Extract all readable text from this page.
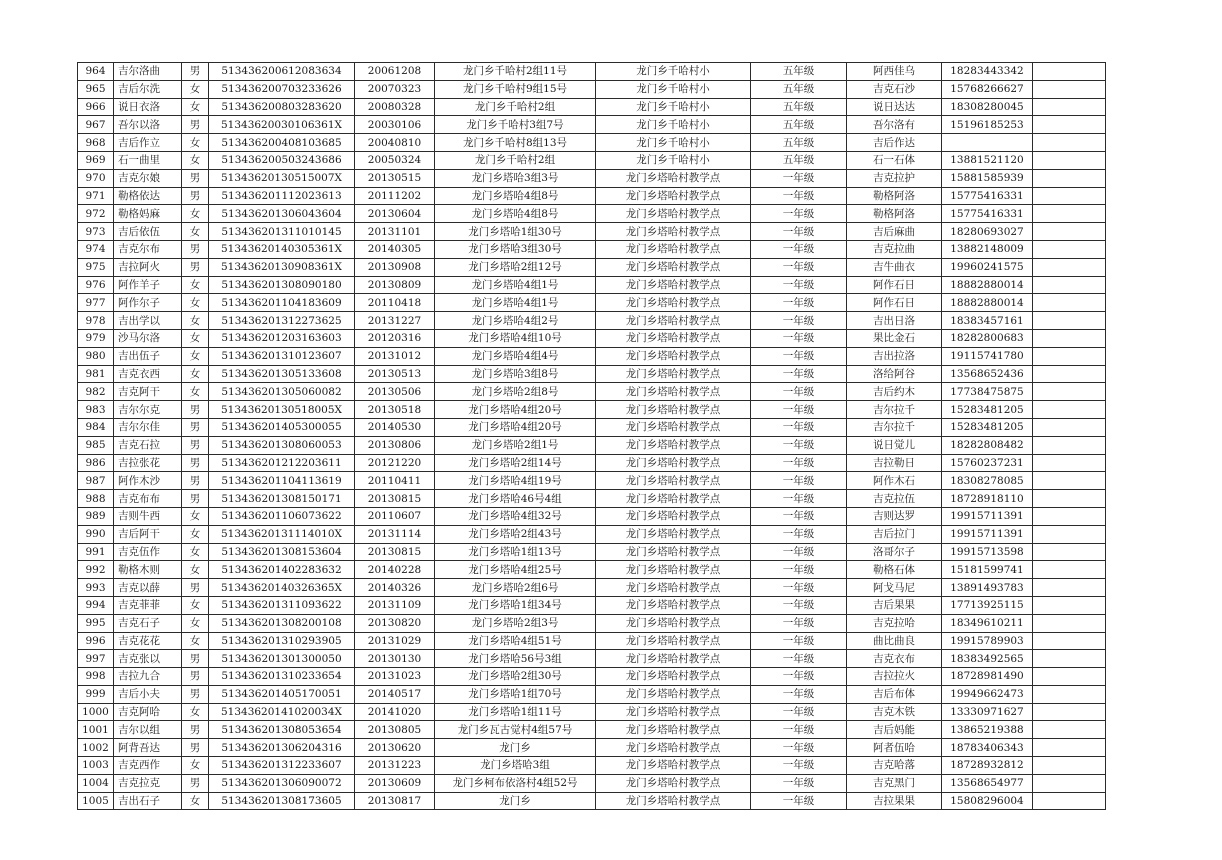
964	吉尔洛曲	男	513436200612083634	20061208	龙门乡千哈村2组11号	龙门乡千哈村小	五年级	阿西佳乌	18283443342	
965	吉后尔洗	女	513436200703233626	20070323	龙门乡千哈村9组15号	龙门乡千哈村小	五年级	吉克石沙	15768266627	
966	说日衣洛	女	513436200803283620	20080328	龙门乡千哈村2组	龙门乡千哈村小	五年级	说日达达	18308280045	
967	吾尔以洛	男	51343620030106361X	20030106	龙门乡千哈村3组7号	龙门乡千哈村小	五年级	吾尔洛有	15196185253	
968	吉后作立	女	513436200408103685	20040810	龙门乡千哈村8组13号	龙门乡千哈村小	五年级	吉后作达		
969	石一曲里	女	513436200503243686	20050324	龙门乡千哈村2组	龙门乡千哈村小	五年级	石一石体	13881521120	
970	吉克尔娘	男	51343620130515007X	20130515	龙门乡塔哈3组3号	龙门乡塔哈村教学点	一年级	吉克拉护	15881585939	
971	勒格依达	男	513436201112023613	20111202	龙门乡塔哈4组8号	龙门乡塔哈村教学点	一年级	勒格阿洛	15775416331	
972	勒格妈麻	女	513436201306043604	20130604	龙门乡塔哈4组8号	龙门乡塔哈村教学点	一年级	勒格阿洛	15775416331	
973	吉后依伍	女	513436201311010145	20131101	龙门乡塔哈1组30号	龙门乡塔哈村教学点	一年级	吉后麻曲	18280693027	
974	吉克尔布	男	51343620140305361X	20140305	龙门乡塔哈3组30号	龙门乡塔哈村教学点	一年级	吉克拉曲	13882148009	
975	吉拉阿火	男	51343620130908361X	20130908	龙门乡塔哈2组12号	龙门乡塔哈村教学点	一年级	吉牛曲衣	19960241575	
976	阿作羊子	女	513436201308090180	20130809	龙门乡塔哈4组1号	龙门乡塔哈村教学点	一年级	阿作石日	18882880014	
977	阿作尔子	女	513436201104183609	20110418	龙门乡塔哈4组1号	龙门乡塔哈村教学点	一年级	阿作石日	18882880014	
978	吉出学以	女	513436201312273625	20131227	龙门乡塔哈4组2号	龙门乡塔哈村教学点	一年级	吉出日洛	18383457161	
979	沙马尔洛	女	513436201203163603	20120316	龙门乡塔哈4组10号	龙门乡塔哈村教学点	一年级	果比金石	18282800683	
980	吉出伍子	女	513436201310123607	20131012	龙门乡塔哈4组4号	龙门乡塔哈村教学点	一年级	吉出拉洛	19115741780	
981	吉克衣西	女	513436201305133608	20130513	龙门乡塔哈3组8号	龙门乡塔哈村教学点	一年级	洛给阿谷	13568652436	
982	吉克阿干	女	513436201305060082	20130506	龙门乡塔哈2组8号	龙门乡塔哈村教学点	一年级	吉后约木	17738475875	
983	吉尔尔克	男	51343620130518005X	20130518	龙门乡塔哈4组20号	龙门乡塔哈村教学点	一年级	吉尔拉千	15283481205	
984	吉尔尔佳	男	513436201405300055	20140530	龙门乡塔哈4组20号	龙门乡塔哈村教学点	一年级	吉尔拉千	15283481205	
985	吉克石拉	男	513436201308060053	20130806	龙门乡塔哈2组1号	龙门乡塔哈村教学点	一年级	说日觉儿	18282808482	
986	吉拉张花	男	513436201212203611	20121220	龙门乡塔哈2组14号	龙门乡塔哈村教学点	一年级	吉拉勒日	15760237231	
987	阿作木沙	男	513436201104113619	20110411	龙门乡塔哈4组19号	龙门乡塔哈村教学点	一年级	阿作木石	18308278085	
988	吉克布布	男	513436201308150171	20130815	龙门乡塔哈46号4组	龙门乡塔哈村教学点	一年级	吉克拉伍	18728918110	
989	吉则牛西	女	513436201106073622	20110607	龙门乡塔哈4组32号	龙门乡塔哈村教学点	一年级	吉则达罗	19915711391	
990	吉后阿干	女	51343620131114010X	20131114	龙门乡塔哈2组43号	龙门乡塔哈村教学点	一年级	吉后拉门	19915711391	
991	吉克伍作	女	513436201308153604	20130815	龙门乡塔哈1组13号	龙门乡塔哈村教学点	一年级	洛哥尔子	19915713598	
992	勒格木则	女	513436201402283632	20140228	龙门乡塔哈4组25号	龙门乡塔哈村教学点	一年级	勒格石体	15181599741	
993	吉克以薛	男	51343620140326365X	20140326	龙门乡塔哈2组6号	龙门乡塔哈村教学点	一年级	阿戈马尼	13891493783	
994	吉克菲菲	女	513436201311093622	20131109	龙门乡塔哈1组34号	龙门乡塔哈村教学点	一年级	吉后果果	17713925115	
995	吉克石子	女	513436201308200108	20130820	龙门乡塔哈2组3号	龙门乡塔哈村教学点	一年级	吉克拉哈	18349610211	
996	吉克花花	女	513436201310293905	20131029	龙门乡塔哈4组51号	龙门乡塔哈村教学点	一年级	曲比曲良	19915789903	
997	吉克张以	男	513436201301300050	20130130	龙门乡塔哈56号3组	龙门乡塔哈村教学点	一年级	吉克衣布	18383492565	
998	吉拉九合	男	513436201310233654	20131023	龙门乡塔哈2组30号	龙门乡塔哈村教学点	一年级	吉拉拉火	18728981490	
999	吉后小夫	男	513436201405170051	20140517	龙门乡塔哈1组70号	龙门乡塔哈村教学点	一年级	吉后布体	19949662473	
1000	吉克阿哈	女	51343620141020034X	20141020	龙门乡塔哈1组11号	龙门乡塔哈村教学点	一年级	吉克木铁	13330971627	
1001	吉尔以组	男	513436201308053654	20130805	龙门乡瓦古觉村4组57号	龙门乡塔哈村教学点	一年级	吉后妈能	13865219388	
1002	阿背吾达	男	513436201306204316	20130620	龙门乡	龙门乡塔哈村教学点	一年级	阿者伍哈	18783406343	
1003	吉克西作	女	513436201312233607	20131223	龙门乡塔哈3组	龙门乡塔哈村教学点	一年级	吉克哈落	18728932812	
1004	吉克拉克	男	513436201306090072	20130609	龙门乡柯布依洛村4组52号	龙门乡塔哈村教学点	一年级	吉克黑门	13568654977	
1005	吉出石子	女	513436201308173605	20130817	龙门乡	龙门乡塔哈村教学点	一年级	吉拉果果	15808296004	
